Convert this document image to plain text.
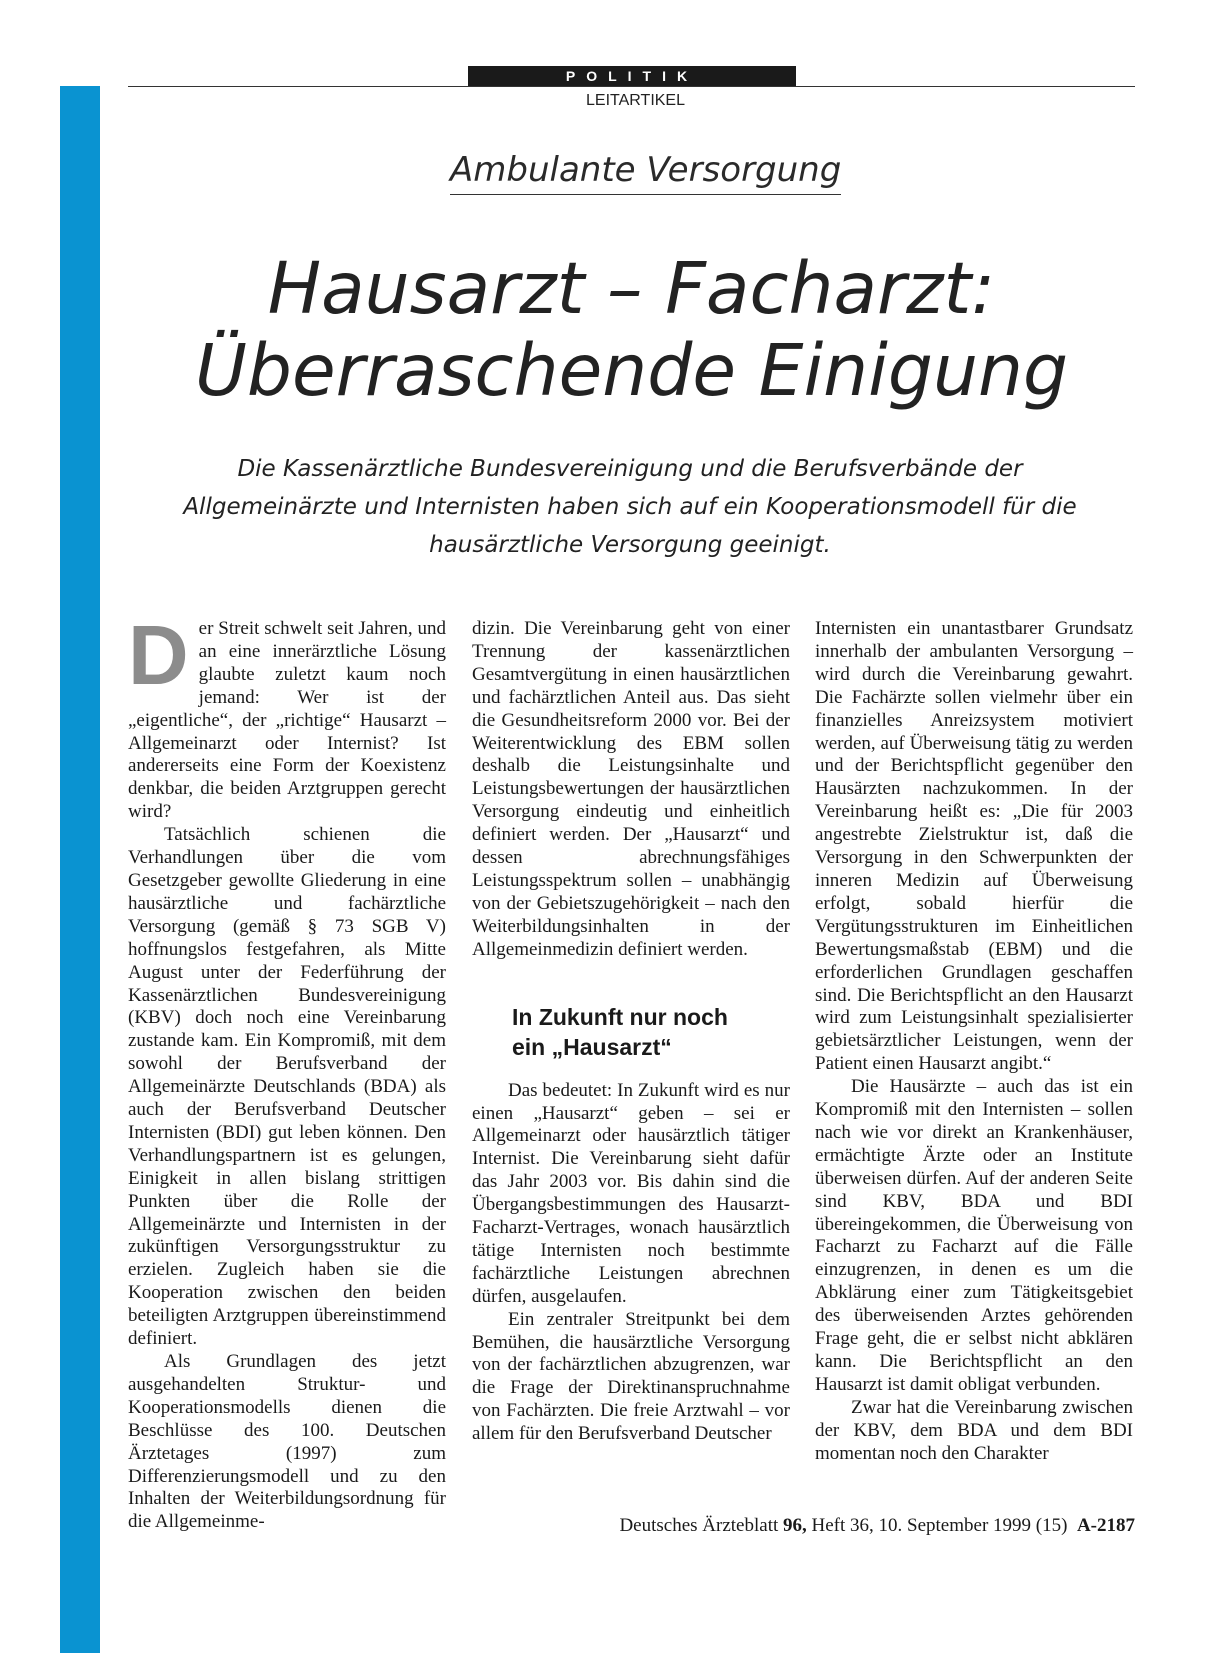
POLITIK
LEITARTIKEL
Ambulante Versorgung
Hausarzt – Facharzt:
Überraschende Einigung

Die Kassenärztliche Bundesvereinigung und die Berufsverbände der Allgemeinärzte und Internisten haben sich auf ein Kooperationsmodell für die hausärztliche Versorgung geeinigt.

Der Streit schwelt seit Jahren, und an eine innerärztliche Lösung glaubte zuletzt kaum noch jemand: Wer ist der „eigentliche“, der „richtige“ Hausarzt – Allgemeinarzt oder Internist? Ist andererseits eine Form der Koexistenz denkbar, die beiden Arztgruppen gerecht wird?

Tatsächlich schienen die Verhandlungen über die vom Gesetzgeber gewollte Gliederung in eine hausärztliche und fachärztliche Versorgung (gemäß § 73 SGB V) hoffnungslos festgefahren, als Mitte August unter der Federführung der Kassenärztlichen Bundesvereinigung (KBV) doch noch eine Vereinbarung zustande kam. Ein Kompromiß, mit dem sowohl der Berufsverband der Allgemeinärzte Deutschlands (BDA) als auch der Berufsverband Deutscher Internisten (BDI) gut leben können. Den Verhandlungspartnern ist es gelungen, Einigkeit in allen bislang strittigen Punkten über die Rolle der Allgemeinärzte und Internisten in der zukünftigen Versorgungsstruktur zu erzielen. Zugleich haben sie die Kooperation zwischen den beiden beteiligten Arztgruppen übereinstimmend definiert.

Als Grundlagen des jetzt ausgehandelten Struktur- und Kooperationsmodells dienen die Beschlüsse des 100. Deutschen Ärztetages (1997) zum Differenzierungsmodell und zu den Inhalten der Weiterbildungsordnung für die Allgemeinme-

dizin. Die Vereinbarung geht von einer Trennung der kassenärztlichen Gesamtvergütung in einen hausärztlichen und fachärztlichen Anteil aus. Das sieht die Gesundheitsreform 2000 vor. Bei der Weiterentwicklung des EBM sollen deshalb die Leistungsinhalte und Leistungsbewertungen der hausärztlichen Versorgung eindeutig und einheitlich definiert werden. Der „Hausarzt“ und dessen abrechnungsfähiges Leistungsspektrum sollen – unabhängig von der Gebietszugehörigkeit – nach den Weiterbildungsinhalten in der Allgemeinmedizin definiert werden.

In Zukunft nur noch
ein „Hausarzt“

Das bedeutet: In Zukunft wird es nur einen „Hausarzt“ geben – sei er Allgemeinarzt oder hausärztlich tätiger Internist. Die Vereinbarung sieht dafür das Jahr 2003 vor. Bis dahin sind die Übergangsbestimmungen des Hausarzt-Facharzt-Vertrages, wonach hausärztlich tätige Internisten noch bestimmte fachärztliche Leistungen abrechnen dürfen, ausgelaufen.

Ein zentraler Streitpunkt bei dem Bemühen, die hausärztliche Versorgung von der fachärztlichen abzugrenzen, war die Frage der Direktinanspruchnahme von Fachärzten. Die freie Arztwahl – vor allem für den Berufsverband Deutscher

Internisten ein unantastbarer Grundsatz innerhalb der ambulanten Versorgung – wird durch die Vereinbarung gewahrt. Die Fachärzte sollen vielmehr über ein finanzielles Anreizsystem motiviert werden, auf Überweisung tätig zu werden und der Berichtspflicht gegenüber den Hausärzten nachzukommen. In der Vereinbarung heißt es: „Die für 2003 angestrebte Zielstruktur ist, daß die Versorgung in den Schwerpunkten der inneren Medizin auf Überweisung erfolgt, sobald hierfür die Vergütungsstrukturen im Einheitlichen Bewertungsmaßstab (EBM) und die erforderlichen Grundlagen geschaffen sind. Die Berichtspflicht an den Hausarzt wird zum Leistungsinhalt spezialisierter gebietsärztlicher Leistungen, wenn der Patient einen Hausarzt angibt.“

Die Hausärzte – auch das ist ein Kompromiß mit den Internisten – sollen nach wie vor direkt an Krankenhäuser, ermächtigte Ärzte oder an Institute überweisen dürfen. Auf der anderen Seite sind KBV, BDA und BDI übereingekommen, die Überweisung von Facharzt zu Facharzt auf die Fälle einzugrenzen, in denen es um die Abklärung einer zum Tätigkeitsgebiet des überweisenden Arztes gehörenden Frage geht, die er selbst nicht abklären kann. Die Berichtspflicht an den Hausarzt ist damit obligat verbunden.

Zwar hat die Vereinbarung zwischen der KBV, dem BDA und dem BDI momentan noch den Charakter

Deutsches Ärzteblatt 96, Heft 36, 10. September 1999 (15) A-2187
